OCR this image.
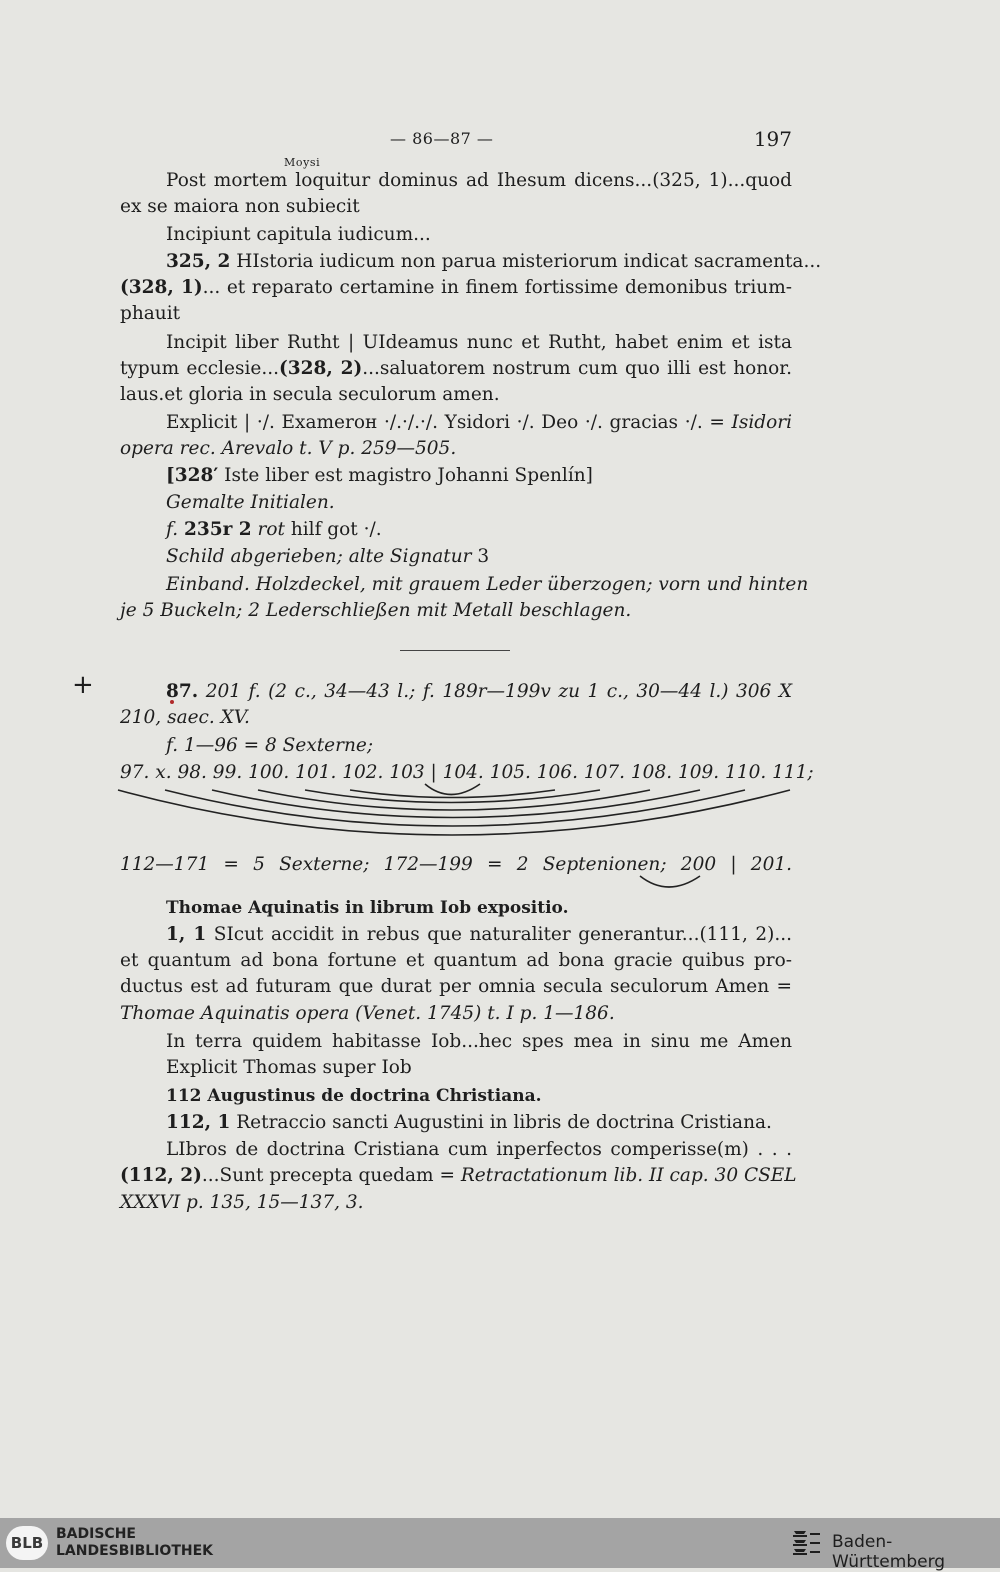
— 86—87 —	197
Moysi
Post mortem loquitur dominus ad Ihesum dicens...(325, 1)...quod
ex se maiora non subiecit
Incipiunt capitula iudicum...
325, 2 HIstoria iudicum non parua misteriorum indicat sacramenta...
(328, 1)... et reparato certamine in finem fortissime demonibus trium-
phauit
Incipit liber Rutht | UIdeamus nunc et Rutht, habet enim et ista
typum ecclesie...(328, 2)...saluatorem nostrum cum quo illi est honor.
laus.et gloria in secula seculorum amen.
Explicit | ·/. Examerон ·/.·/.·/. Ysidori ·/. Deo ·/. gracias ·/. = Isidori
opera rec. Arevalo t. V p. 259—505.
[328′ Iste liber est magistro Johanni Spenlín]
Gemalte Initialen.
f. 235r 2 rot hilf got ·/.
Schild abgerieben; alte Signatur 3
Einband. Holzdeckel, mit grauem Leder überzogen; vorn und hinten
je 5 Buckeln; 2 Lederschließen mit Metall beschlagen.
+	87. 201 f. (2 c., 34—43 l.; f. 189r—199v zu 1 c., 30—44 l.) 306 X
210, saec. XV.
f. 1—96 = 8 Sexterne;
97. x. 98. 99. 100. 101. 102. 103 | 104. 105. 106. 107. 108. 109. 110. 111;
112—171 = 5 Sexterne; 172—199 = 2 Septenionen; 200 | 201.
Thomae Aquinatis in librum Iob expositio.
1, 1 SIcut accidit in rebus que naturaliter generantur...(111, 2)...
et quantum ad bona fortune et quantum ad bona gracie quibus pro-
ductus est ad futuram que durat per omnia secula seculorum Amen =
Thomae Aquinatis opera (Venet. 1745) t. I p. 1—186.
In terra quidem habitasse Iob...hec spes mea in sinu me Amen
Explicit Thomas super Iob
112 Augustinus de doctrina Christiana.
112, 1 Retraccio sancti Augustini in libris de doctrina Cristiana.
LIbros de doctrina Cristiana cum inperfectos comperisse(m) . . .
(112, 2)...Sunt precepta quedam = Retractationum lib. II cap. 30 CSEL
XXXVI p. 135, 15—137, 3.
BLB BADISCHE
LANDESBIBLIOTHEK	Baden-Württemberg
